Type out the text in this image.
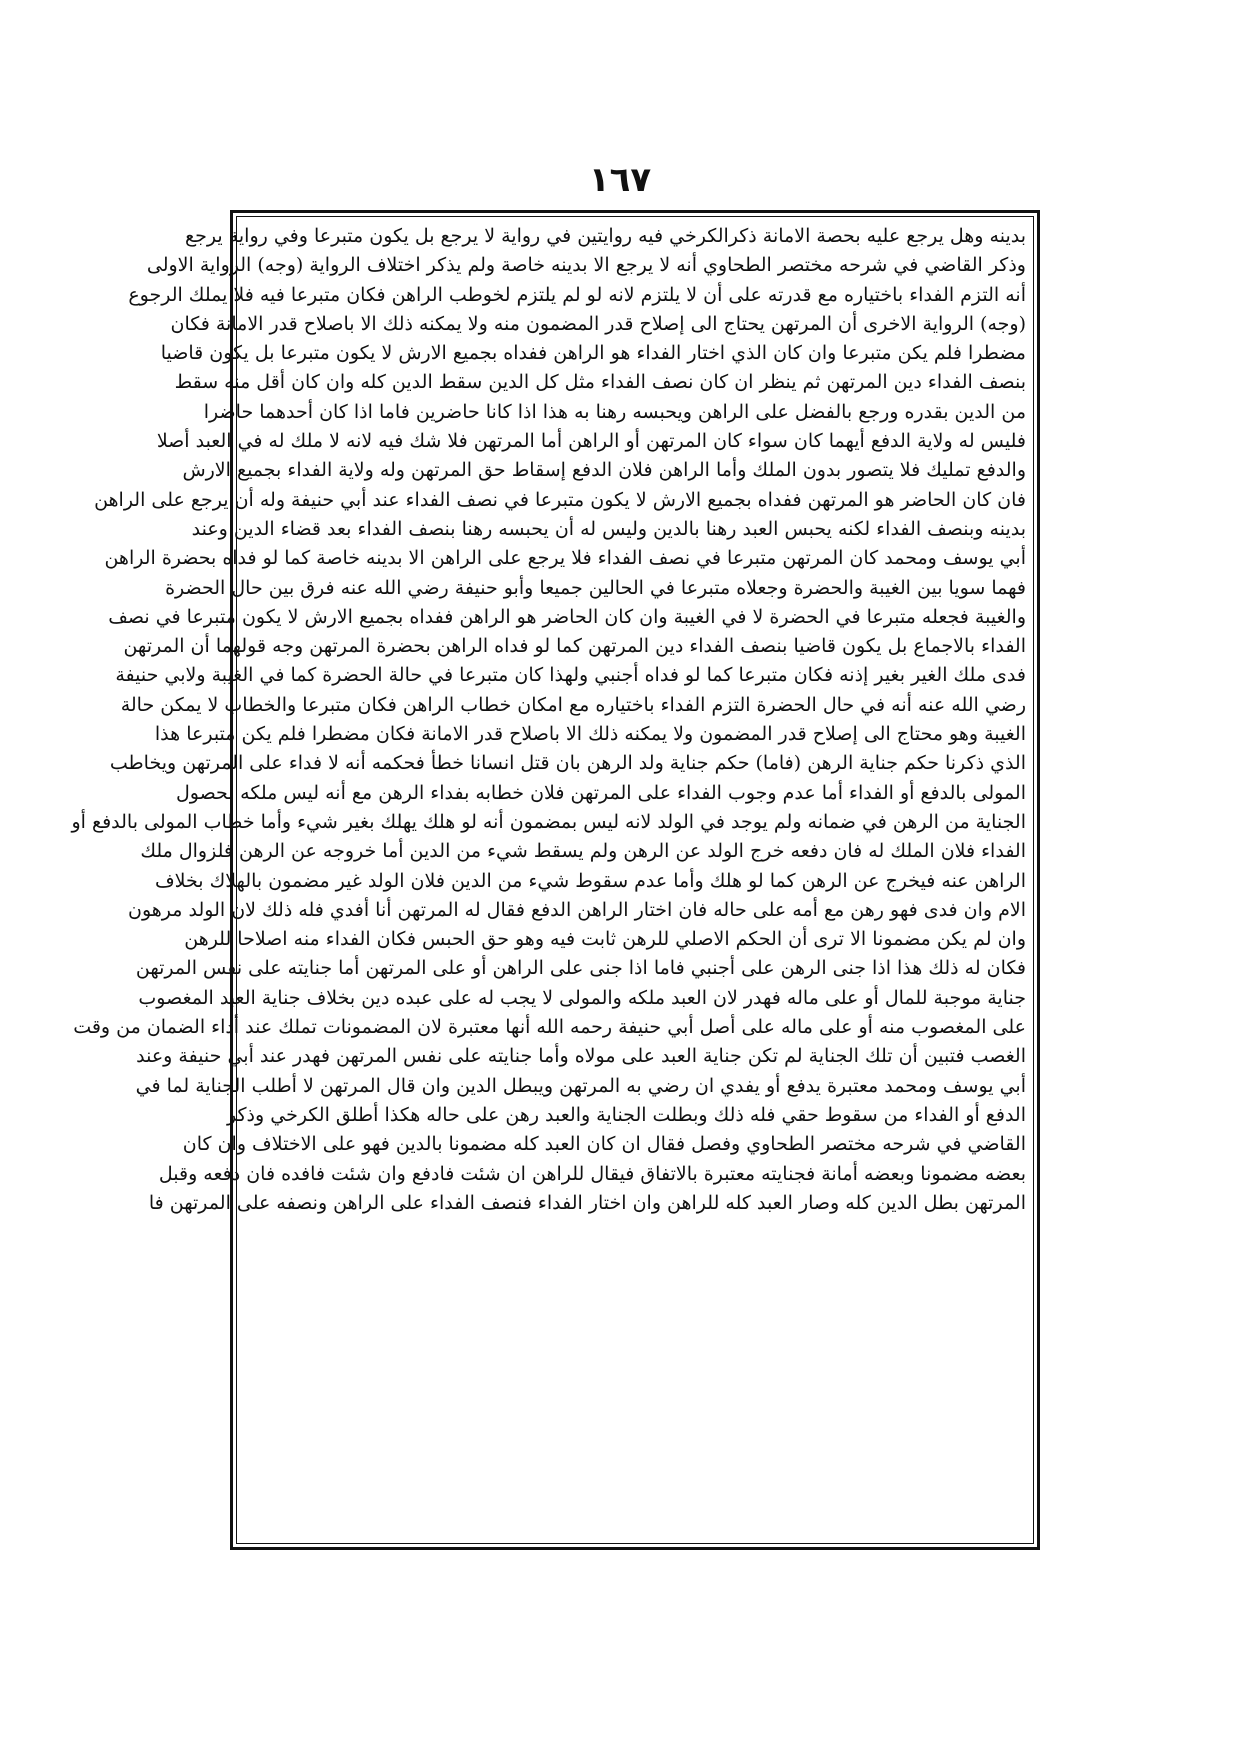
١٦٧
بدينه وهل يرجع عليه بحصة الامانة ذكرالكرخي فيه روايتين في رواية لا يرجع بل يكون متبرعا وفي رواية يرجع
وذكر القاضي في شرحه مختصر الطحاوي أنه لا يرجع الا بدينه خاصة ولم يذكر اختلاف الرواية (وجه) الرواية الاولى
أنه التزم الفداء باختياره مع قدرته على أن لا يلتزم لانه لو لم يلتزم لخوطب الراهن فكان متبرعا فيه فلا يملك الرجوع
(وجه) الرواية الاخرى أن المرتهن يحتاج الى إصلاح قدر المضمون منه ولا يمكنه ذلك الا باصلاح قدر الامانة فكان
مضطرا فلم يكن متبرعا وان كان الذي اختار الفداء هو الراهن ففداه بجميع الارش لا يكون متبرعا بل يكون قاضيا
بنصف الفداء دين المرتهن ثم ينظر ان كان نصف الفداء مثل كل الدين سقط الدين كله وان كان أقل منه سقط
من الدين بقدره ورجع بالفضل على الراهن ويحبسه رهنا به هذا اذا كانا حاضرين فاما اذا كان أحدهما حاضرا
فليس له ولاية الدفع أيهما كان سواء كان المرتهن أو الراهن أما المرتهن فلا شك فيه لانه لا ملك له في العبد أصلا
والدفع تمليك فلا يتصور بدون الملك وأما الراهن فلان الدفع إسقاط حق المرتهن وله ولاية الفداء بجميع الارش
فان كان الحاضر هو المرتهن ففداه بجميع الارش لا يكون متبرعا في نصف الفداء عند أبي حنيفة وله أن يرجع على الراهن
بدينه وبنصف الفداء لكنه يحبس العبد رهنا بالدين وليس له أن يحبسه رهنا بنصف الفداء بعد قضاء الدين وعند
أبي يوسف ومحمد كان المرتهن متبرعا في نصف الفداء فلا يرجع على الراهن الا بدينه خاصة كما لو فداه بحضرة الراهن
فهما سويا بين الغيبة والحضرة وجعلاه متبرعا في الحالين جميعا وأبو حنيفة رضي الله عنه فرق بين حال الحضرة
والغيبة فجعله متبرعا في الحضرة لا في الغيبة وان كان الحاضر هو الراهن ففداه بجميع الارش لا يكون متبرعا في نصف
الفداء بالاجماع بل يكون قاضيا بنصف الفداء دين المرتهن كما لو فداه الراهن بحضرة المرتهن وجه قولهما أن المرتهن
فدى ملك الغير بغير إذنه فكان متبرعا كما لو فداه أجنبي ولهذا كان متبرعا في حالة الحضرة كما في الغيبة ولابي حنيفة
رضي الله عنه أنه في حال الحضرة التزم الفداء باختياره مع امكان خطاب الراهن فكان متبرعا والخطاب لا يمكن حالة
الغيبة وهو محتاج الى إصلاح قدر المضمون ولا يمكنه ذلك الا باصلاح قدر الامانة فكان مضطرا فلم يكن متبرعا هذا
الذي ذكرنا حكم جناية الرهن (فاما) حكم جناية ولد الرهن بان قتل انسانا خطأ فحكمه أنه لا فداء على المرتهن ويخاطب
المولى بالدفع أو الفداء أما عدم وجوب الفداء على المرتهن فلان خطابه بفداء الرهن مع أنه ليس ملكه لحصول
الجناية من الرهن في ضمانه ولم يوجد في الولد لانه ليس بمضمون أنه لو هلك يهلك بغير شيء وأما خطاب المولى بالدفع أو
الفداء فلان الملك له فان دفعه خرج الولد عن الرهن ولم يسقط شيء من الدين أما خروجه عن الرهن فلزوال ملك
الراهن عنه فيخرج عن الرهن كما لو هلك وأما عدم سقوط شيء من الدين فلان الولد غير مضمون بالهلاك بخلاف
الام وان فدى فهو رهن مع أمه على حاله فان اختار الراهن الدفع فقال له المرتهن أنا أفدي فله ذلك لان الولد مرهون
وان لم يكن مضمونا الا ترى أن الحكم الاصلي للرهن ثابت فيه وهو حق الحبس فكان الفداء منه اصلاحا للرهن
فكان له ذلك هذا اذا جنى الرهن على أجنبي فاما اذا جنى على الراهن أو على المرتهن أما جنايته على نفس المرتهن
جناية موجبة للمال أو على ماله فهدر لان العبد ملكه والمولى لا يجب له على عبده دين بخلاف جناية العبد المغصوب
على المغصوب منه أو على ماله على أصل أبي حنيفة رحمه الله أنها معتبرة لان المضمونات تملك عند أداء الضمان من وقت
الغصب فتبين أن تلك الجناية لم تكن جناية العبد على مولاه وأما جنايته على نفس المرتهن فهدر عند أبي حنيفة وعند
أبي يوسف ومحمد معتبرة يدفع أو يفدي ان رضي به المرتهن ويبطل الدين وان قال المرتهن لا أطلب الجناية لما في
الدفع أو الفداء من سقوط حقي فله ذلك وبطلت الجناية والعبد رهن على حاله هكذا أطلق الكرخي وذكر
القاضي في شرحه مختصر الطحاوي وفصل فقال ان كان العبد كله مضمونا بالدين فهو على الاختلاف وان كان
بعضه مضمونا وبعضه أمانة فجنايته معتبرة بالاتفاق فيقال للراهن ان شئت فادفع وان شئت فافده فان دفعه وقبل
المرتهن بطل الدين كله وصار العبد كله للراهن وان اختار الفداء فنصف الفداء على الراهن ونصفه على المرتهن فا
